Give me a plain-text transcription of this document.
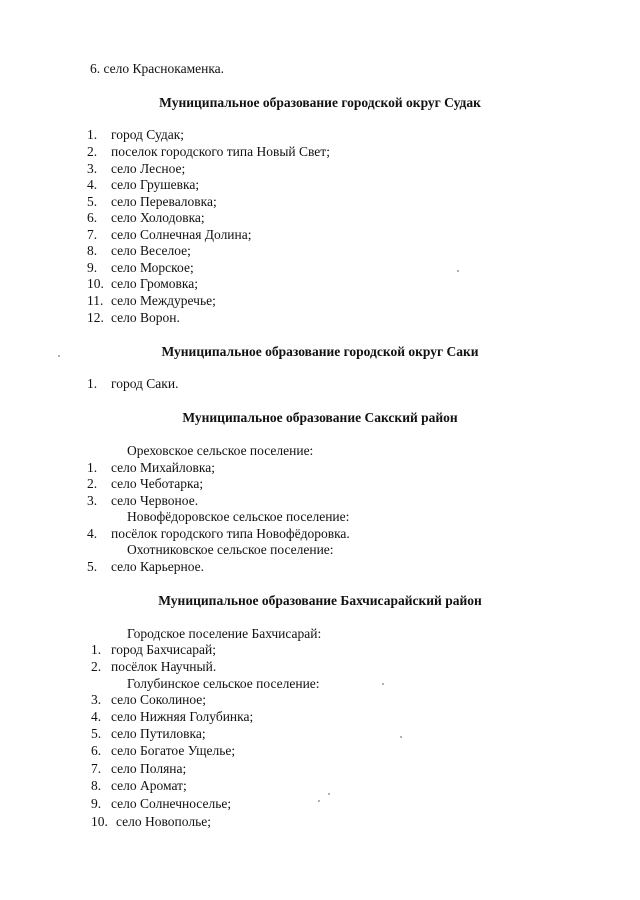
6. село Краснокаменка.
Муниципальное образование городской округ Судак
1. город Судак;
2. поселок городского типа Новый Свет;
3. село Лесное;
4. село Грушевка;
5. село Переваловка;
6. село Холодовка;
7. село Солнечная Долина;
8. село Веселое;
9. село Морское;
10. село Громовка;
11. село Междуречье;
12. село Ворон.
Муниципальное образование городской округ Саки
1. город Саки.
Муниципальное образование Сакский район
Ореховское сельское поселение:
1. село Михайловка;
2. село Чеботарка;
3. село Червоное.
Новофёдоровское сельское поселение:
4. посёлок городского типа Новофёдоровка.
Охотниковское сельское поселение:
5. село Карьерное.
Муниципальное образование Бахчисарайский район
Городское поселение Бахчисарай:
1. город Бахчисарай;
2. посёлок Научный.
Голубинское сельское поселение:
3. село Соколиное;
4. село Нижняя Голубинка;
5. село Путиловка;
6. село Богатое Ущелье;
7. село Поляна;
8. село Аромат;
9. село Солнечноселье;
10. село Новополье;
